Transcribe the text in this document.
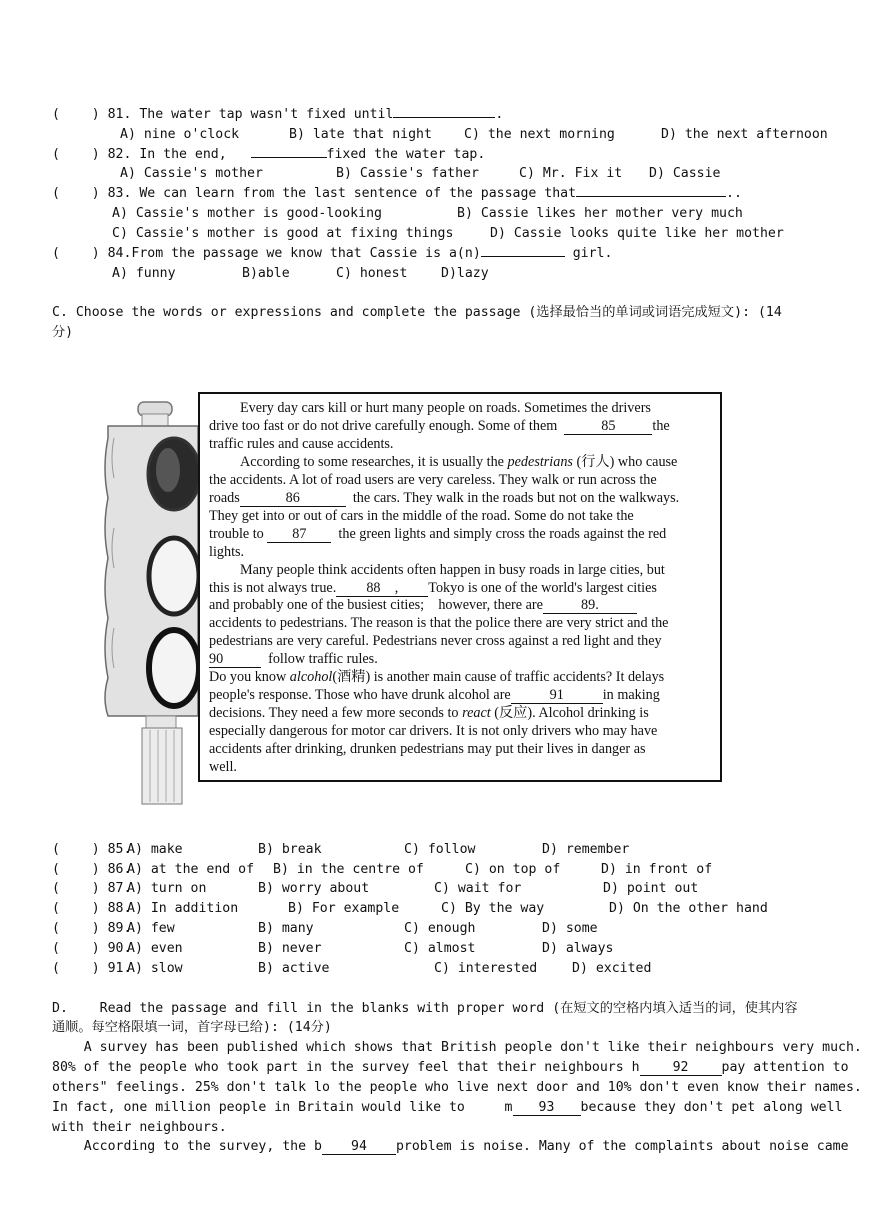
(    ) 81. The water tap wasn't fixed until	.
A) nine o'clock	B) late that night C) the next morning	D) the next afternoon
(    ) 82. In the end,	fixed the water tap.
A) Cassie's mother	B) Cassie's father	C) Mr. Fix it D) Cassie
(    ) 83. We can learn from the last sentence of the passage that	..
A) Cassie's mother is good-looking	B) Cassie likes her mother very much
C) Cassie's mother is good at fixing things	D) Cassie looks quite like her mother
(    ) 84.From the passage we know that Cassie is a(n)	girl.
A) funny	B)able	C) honest	D)lazy
C. Choose the words or expressions and complete the passage (选择最恰当的单词或词语完成短文): (14
分)
Every day cars kill or hurt many people on roads. Sometimes the drivers
drive too fast or do not drive carefully enough. Some of them	85	the
traffic rules and cause accidents.
According to some researches, it is usually the pedestrians (行人) who cause
the accidents. A lot of road users are very careless. They walk or run across the
roads	86	the cars. They walk in the roads but not on the walkways.
They get into or out of cars in the middle of the road. Some do not take the
trouble to 87 the green lights and simply cross the roads against the red
lights.
Many people think accidents often happen in busy roads in large cities, but
this is not always true. 88    , Tokyo is one of the world's largest cities
and probably one of the busiest cities;    however, there are	89.
accidents to pedestrians. The reason is that the police there are very strict and the
pedestrians are very careful. Pedestrians never cross against a red light and they
90	follow traffic rules.
Do you know alcohol(酒精) is another main cause of traffic accidents? It delays
people's response. Those who have drunk alcohol are	91	in making
decisions. They need a few more seconds to react (反应). Alcohol drinking is
especially dangerous for motor car drivers. It is not only drivers who may have
accidents after drinking, drunken pedestrians may put their lives in danger as
well.
(    ) 85.
A) make	B) break	C) follow	D) remember
(    ) 86.
A) at the end of B) in the centre of	C) on top of	D) in front of
(    ) 87.
A) turn on	B) worry about	C) wait for	D) point out
(    ) 88.
A) In addition	B) For example	C) By the way	D) On the other hand
(    ) 89.
A) few	B) many	C) enough	D) some
(    ) 90.
A) even	B) never	C) almost	D) always
(    ) 91.
A) slow	B) active	C) interested	D) excited
D.    Read the passage and fill in the blanks with proper word (在短文的空格内填入适当的词，使其内容
通顺。每空格限填一词，首字母已给): (14分)
A survey has been published which shows that British people don't like their neighbours very much.
80% of the people who took part in the survey feel that their neighbours h	92	pay attention to
others" feelings. 25% don't talk lo the people who live next door and 10% don't even know their names.
In fact, one million people in Britain would like to     m 93 because they don't pet along well
with their neighbours.
According to the survey, the b 94 problem is noise. Many of the complaints about noise came
